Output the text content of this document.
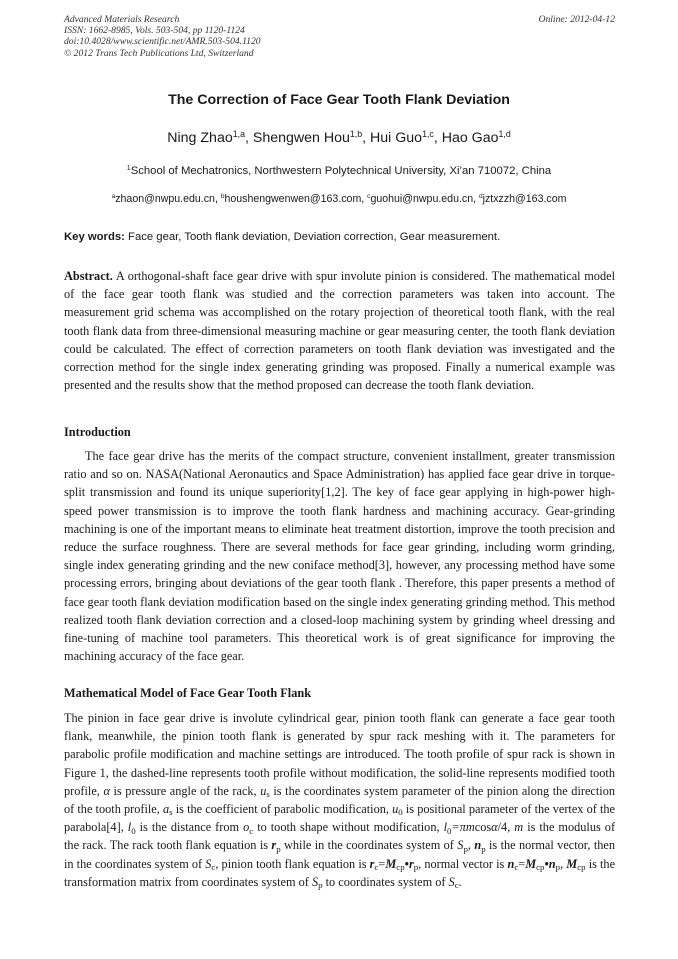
Advanced Materials Research
ISSN: 1662-8985, Vols. 503-504, pp 1120-1124
doi:10.4028/www.scientific.net/AMR.503-504.1120
© 2012 Trans Tech Publications Ltd, Switzerland
Online: 2012-04-12
The Correction of Face Gear Tooth Flank Deviation
Ning Zhao$^{1,a}$, Shengwen Hou$^{1,b}$, Hui Guo$^{1,c}$, Hao Gao$^{1,d}$
$^1$School of Mechatronics, Northwestern Polytechnical University, Xi’an 710072, China
$^a$zhaon@nwpu.edu.cn, $^b$houshengwenwen@163.com, $^c$guohui@nwpu.edu.cn, $^d$jztxzzh@163.com
Key words: Face gear, Tooth flank deviation, Deviation correction, Gear measurement.
Abstract. A orthogonal-shaft face gear drive with spur involute pinion is considered. The mathematical model of the face gear tooth flank was studied and the correction parameters was taken into account. The measurement grid schema was accomplished on the rotary projection of theoretical tooth flank, with the real tooth flank data from three-dimensional measuring machine or gear measuring center, the tooth flank deviation could be calculated. The effect of correction parameters on tooth flank deviation was investigated and the correction method for the single index generating grinding was proposed. Finally a numerical example was presented and the results show that the method proposed can decrease the tooth flank deviation.
Introduction
The face gear drive has the merits of the compact structure, convenient installment, greater transmission ratio and so on. NASA(National Aeronautics and Space Administration) has applied face gear drive in torque-split transmission and found its unique superiority[1,2]. The key of face gear applying in high-power high-speed power transmission is to improve the tooth flank hardness and machining accuracy. Gear-grinding machining is one of the important means to eliminate heat treatment distortion, improve the tooth precision and reduce the surface roughness. There are several methods for face gear grinding, including worm grinding, single index generating grinding and the new coniface method[3], however, any processing method have some processing errors, bringing about deviations of the gear tooth flank . Therefore, this paper presents a method of face gear tooth flank deviation modification based on the single index generating grinding method. This method realized tooth flank deviation correction and a closed-loop machining system by grinding wheel dressing and fine-tuning of machine tool parameters. This theoretical work is of great significance for improving the machining accuracy of the face gear.
Mathematical Model of Face Gear Tooth Flank
The pinion in face gear drive is involute cylindrical gear, pinion tooth flank can generate a face gear tooth flank, meanwhile, the pinion tooth flank is generated by spur rack meshing with it. The parameters for parabolic profile modification and machine settings are introduced. The tooth profile of spur rack is shown in Figure 1, the dashed-line represents tooth profile without modification, the solid-line represents modified tooth profile, α is pressure angle of the rack, $u_s$ is the coordinates system parameter of the pinion along the direction of the tooth profile, $a_s$ is the coefficient of parabolic modification, $u_0$ is positional parameter of the vertex of the parabola[4], $l_0$ is the distance from $o_c$ to tooth shape without modification, $l_0=\pi mcos\alpha/4$, m is the modulus of the rack. The rack tooth flank equation is $r_p$ while in the coordinates system of $S_p$, $n_p$ is the normal vector, then in the coordinates system of $S_c$, pinion tooth flank equation is $r_c=M_{cp}•r_p$, normal vector is $n_c=M_{cp}•n_p$, $M_{cp}$ is the transformation matrix from coordinates system of $S_p$ to coordinates system of $S_c$.
